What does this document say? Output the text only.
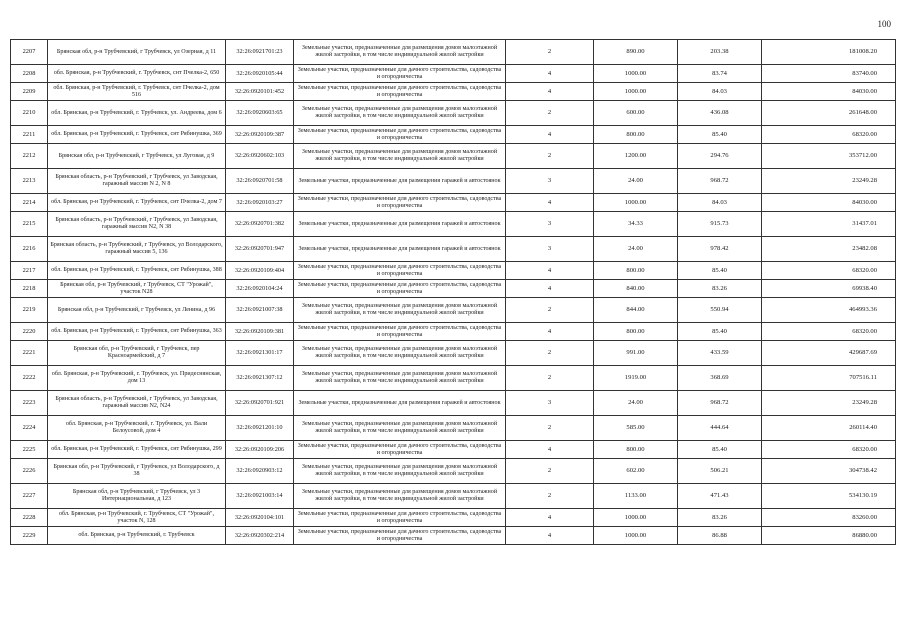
100
2207	Брянская обл, р-н Трубчевский, г Трубчевск, ул Озерная, д 11	32:26:0921701:23	Земельные участки, предназначенные для размещения домов малоэтажной жилой застройки, в том числе индивидуальной жилой застройки	2	890.00	203.38	181008.20
2208	обл. Брянская, р-н Трубчевский, г. Трубчевск, снт Пчелка-2, 650	32:26:0920105:44	Земельные участки, предназначенные для дачного строительства, садоводства и огородничества	4	1000.00	83.74	83740.00
2209	обл. Брянская, р-н Трубчевский, г. Трубчевск, снт Пчелка-2, дом 516	32:26:0920101:452	Земельные участки, предназначенные для дачного строительства, садоводства и огородничества	4	1000.00	84.03	84030.00
2210	обл. Брянская, р-н Трубчевский, г. Трубчевск, ул. Андреева, дом 6	32:26:0920603:65	Земельные участки, предназначенные для размещения домов малоэтажной жилой застройки, в том числе индивидуальной жилой застройки	2	600.00	436.08	261648.00
2211	обл. Брянская, р-н Трубчевский, г. Трубчевск, снт Рябинушка, 369	32:26:0920109:387	Земельные участки, предназначенные для дачного строительства, садоводства и огородничества	4	800.00	85.40	68320.00
2212	Брянская обл, р-н Трубчевский, г Трубчевск, ул Луговая, д 9	32:26:0920602:103	Земельные участки, предназначенные для размещения домов малоэтажной жилой застройки, в том числе индивидуальной жилой застройки	2	1200.00	294.76	353712.00
2213	Брянская область, р-н Трубчевский, г Трубчевск, ул Заводская, гаражный массив N 2, N 8	32:26:0920701:58	Земельные участки, предназначенные для размещения гаражей и автостоянок	3	24.00	968.72	23249.28
2214	обл. Брянская, р-н Трубчевский, г. Трубчевск, снт Пчелка-2, дом 7	32:26:0920103:27	Земельные участки, предназначенные для дачного строительства, садоводства и огородничества	4	1000.00	84.03	84030.00
2215	Брянская область, р-н Трубчевский, г Трубчевск, ул Заводская, гаражный массив N2, N 38	32:26:0920701:382	Земельные участки, предназначенные для размещения гаражей и автостоянок	3	34.33	915.73	31437.01
2216	Брянская область, р-н Трубчевский, г Трубчевск, ул Володарского, гаражный массив 5, 136	32:26:0920701:947	Земельные участки, предназначенные для размещения гаражей и автостоянок	3	24.00	978.42	23482.08
2217	обл. Брянская, р-н Трубчевский, г. Трубчевск, снт Рябинушка, 388	32:26:0920109:404	Земельные участки, предназначенные для дачного строительства, садоводства и огородничества	4	800.00	85.40	68320.00
2218	Брянская обл, р-н Трубчевский, г Трубчевск, СТ "Урожай", участок N28	32:26:0920104:24	Земельные участки, предназначенные для дачного строительства, садоводства и огородничества	4	840.00	83.26	69938.40
2219	Брянская обл, р-н Трубчевский, г Трубчевск, ул Ленина, д 96	32:26:0921007:38	Земельные участки, предназначенные для размещения домов малоэтажной жилой застройки, в том числе индивидуальной жилой застройки	2	844.00	550.94	464993.36
2220	обл. Брянская, р-н Трубчевский, г. Трубчевск, снт Рябинушка, 363	32:26:0920109:381	Земельные участки, предназначенные для дачного строительства, садоводства и огородничества	4	800.00	85.40	68320.00
2221	Брянская обл, р-н Трубчевский, г Трубчевск, пер Красноармейский, д 7	32:26:0921301:17	Земельные участки, предназначенные для размещения домов малоэтажной жилой застройки, в том числе индивидуальной жилой застройки	2	991.00	433.59	429687.69
2222	обл. Брянская, р-н Трубчевский, г. Трубчевск, ул. Придеснянская, дом 13	32:26:0921307:12	Земельные участки, предназначенные для размещения домов малоэтажной жилой застройки, в том числе индивидуальной жилой застройки	2	1919.00	368.69	707516.11
2223	Брянская область, р-н Трубчевский, г Трубчевск, ул Заводская, гаражный массив N2, N24	32:26:0920701:921	Земельные участки, предназначенные для размещения гаражей и автостоянок	3	24.00	968.72	23249.28
2224	обл. Брянская, р-н Трубчевский, г. Трубчевск, ул. Вали Белоусовой, дом 4	32:26:0921201:10	Земельные участки, предназначенные для размещения домов малоэтажной жилой застройки, в том числе индивидуальной жилой застройки	2	585.00	444.64	260114.40
2225	обл. Брянская, р-н Трубчевский, г. Трубчевск, снт Рябинушка, 299	32:26:0920109:206	Земельные участки, предназначенные для дачного строительства, садоводства и огородничества	4	800.00	85.40	68320.00
2226	Брянская обл, р-н Трубчевский, г Трубчевск, ул Володарского, д 38	32:26:0920903:12	Земельные участки, предназначенные для размещения домов малоэтажной жилой застройки, в том числе индивидуальной жилой застройки	2	602.00	506.21	304738.42
2227	Брянская обл, р-н Трубчевский, г Трубчевск, ул 3 Интернациональная, д 123	32:26:0921003:14	Земельные участки, предназначенные для размещения домов малоэтажной жилой застройки, в том числе индивидуальной жилой застройки	2	1133.00	471.43	534130.19
2228	обл. Брянская, р-н Трубчевский, г. Трубчевск, СТ "Урожай", участок N, 128	32:26:0920104:101	Земельные участки, предназначенные для дачного строительства, садоводства и огородничества	4	1000.00	83.26	83260.00
2229	обл. Брянская, р-н Трубчевский, г. Трубчевск	32:26:0920302:214	Земельные участки, предназначенные для дачного строительства, садоводства и огородничества	4	1000.00	86.88	86880.00
